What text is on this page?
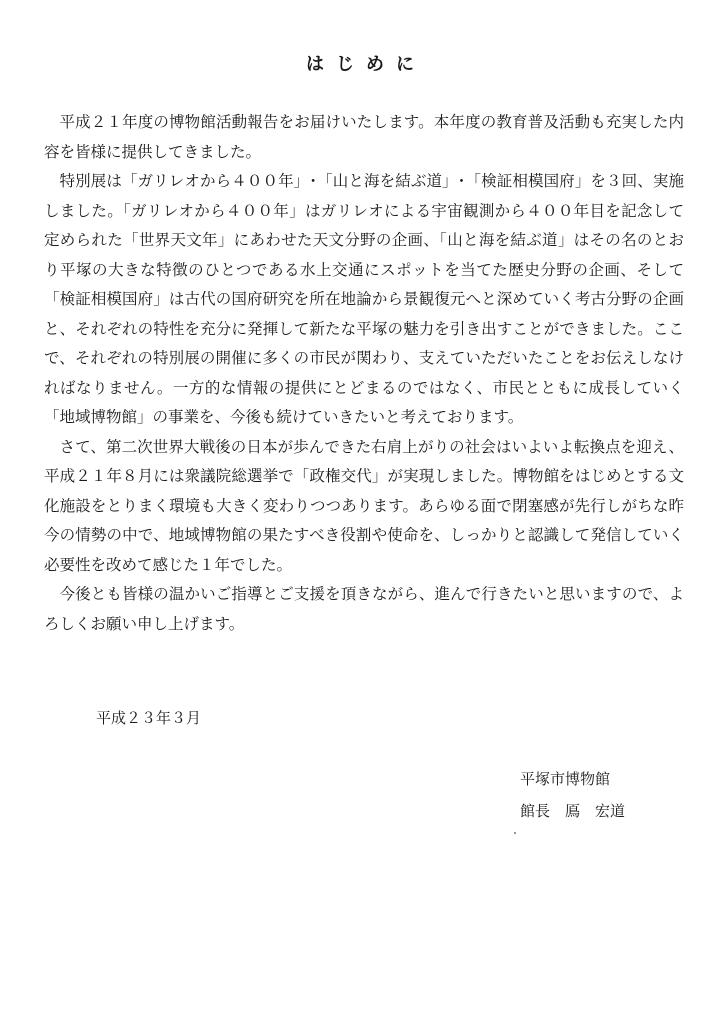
はじめに

平成２１年度の博物館活動報告をお届けいたします。本年度の教育普及活動も充実した内容を皆様に提供してきました。

特別展は「ガリレオから４００年」･「山と海を結ぶ道」･「検証相模国府」を３回、実施しました。「ガリレオから４００年」はガリレオによる宇宙観測から４００年目を記念して定められた「世界天文年」にあわせた天文分野の企画、「山と海を結ぶ道」はその名のとおり平塚の大きな特徴のひとつである水上交通にスポットを当てた歴史分野の企画、そして「検証相模国府」は古代の国府研究を所在地論から景観復元へと深めていく考古分野の企画と、それぞれの特性を充分に発揮して新たな平塚の魅力を引き出すことができました。ここで、それぞれの特別展の開催に多くの市民が関わり、支えていただいたことをお伝えしなければなりません。一方的な情報の提供にとどまるのではなく、市民とともに成長していく「地域博物館」の事業を、今後も続けていきたいと考えております。

さて、第二次世界大戦後の日本が歩んできた右肩上がりの社会はいよいよ転換点を迎え、平成２１年８月には衆議院総選挙で「政権交代」が実現しました。博物館をはじめとする文化施設をとりまく環境も大きく変わりつつあります。あらゆる面で閉塞感が先行しがちな昨今の情勢の中で、地域博物館の果たすべき役割や使命を、しっかりと認識して発信していく必要性を改めて感じた１年でした。

今後とも皆様の温かいご指導とご支援を頂きながら、進んで行きたいと思いますので、よろしくお願い申し上げます。

平成２３年３月
平塚市博物館
館長　鳫　宏道
